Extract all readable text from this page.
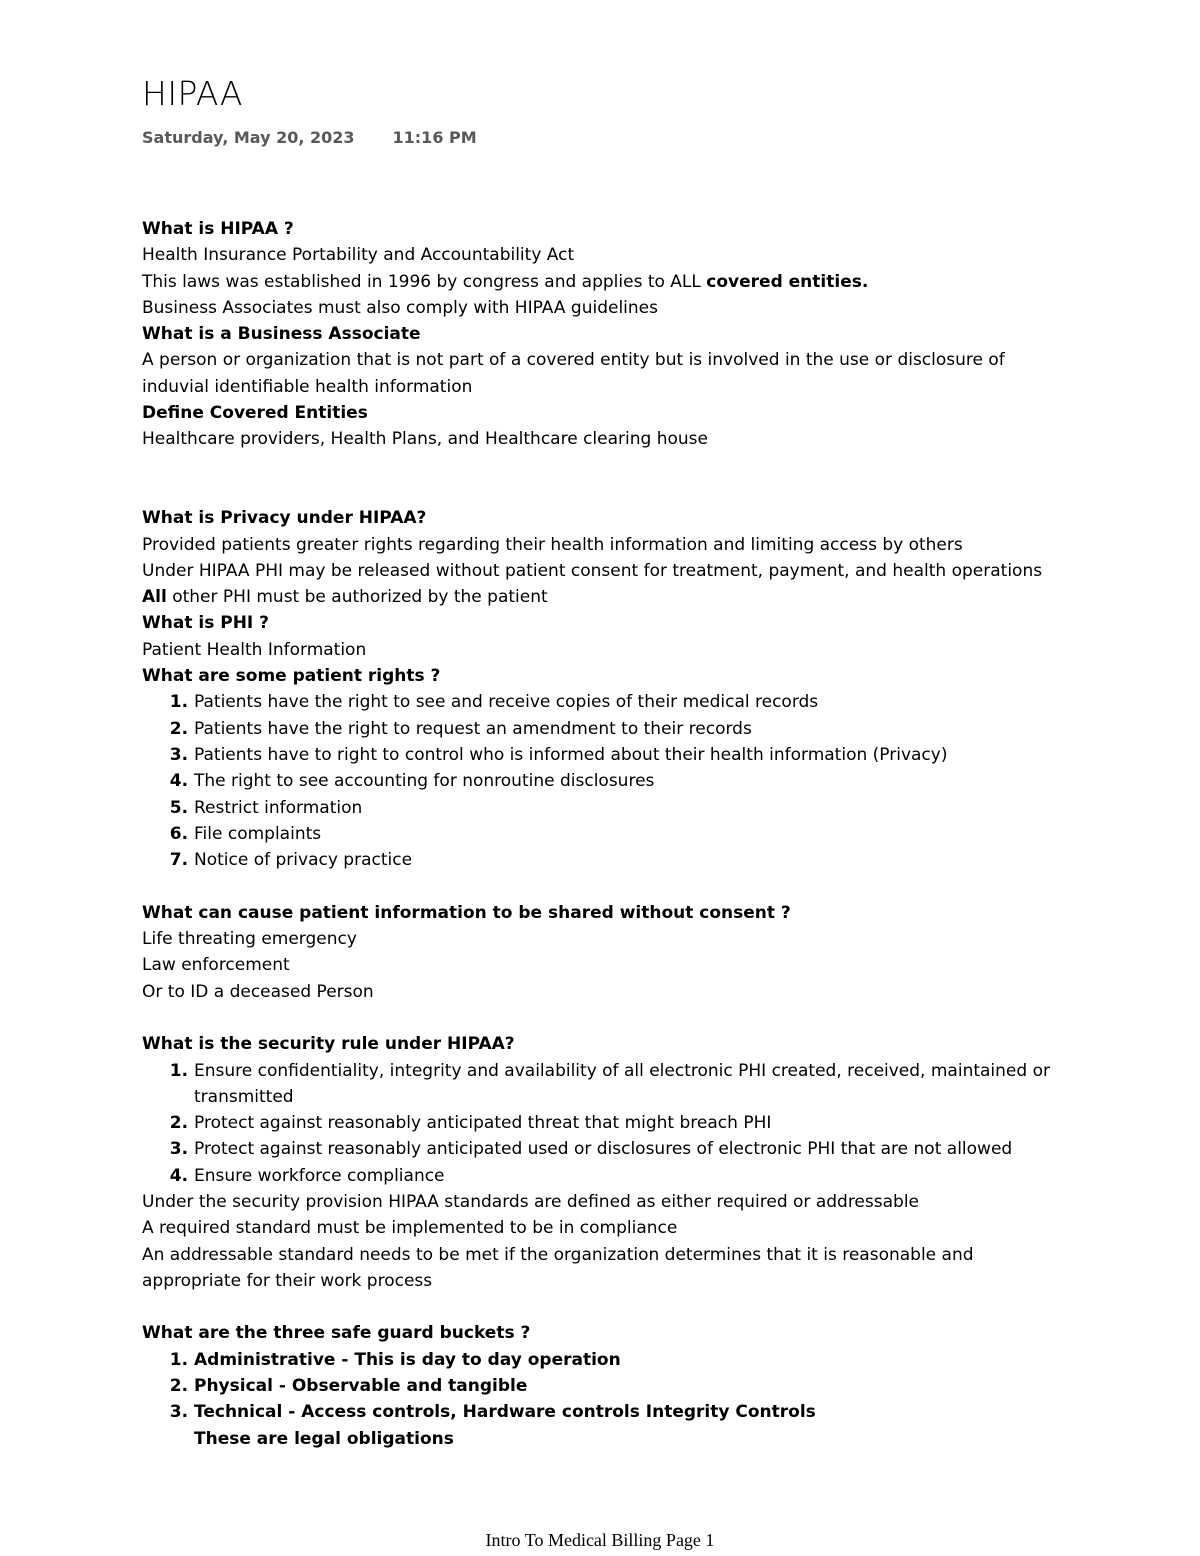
HIPAA
Saturday, May 20, 2023 11:16 PM

What is HIPAA ?

Health Insurance Portability and Accountability Act

This laws was established in 1996 by congress and applies to ALL covered entities.

Business Associates must also comply with HIPAA guidelines

What is a Business Associate

A person or organization that is not part of a covered entity but is involved in the use or disclosure of induvial identifiable health information

Define Covered Entities

Healthcare providers, Health Plans, and Healthcare clearing house

What is Privacy under HIPAA?

Provided patients greater rights regarding their health information and limiting access by others

Under HIPAA PHI may be released without patient consent for treatment, payment, and health operations

All other PHI must be authorized by the patient

What is PHI ?

Patient Health Information

What are some patient rights ?

1. Patients have the right to see and receive copies of their medical records
2. Patients have the right to request an amendment to their records
3. Patients have to right to control who is informed about their health information (Privacy)
4. The right to see accounting for nonroutine disclosures
5. Restrict information
6. File complaints
7. Notice of privacy practice

What can cause patient information to be shared without consent ?

Life threating emergency

Law enforcement

Or to ID a deceased Person

What is the security rule under HIPAA?

1. Ensure confidentiality, integrity and availability of all electronic PHI created, received, maintained or transmitted
2. Protect against reasonably anticipated threat that might breach PHI
3. Protect against reasonably anticipated used or disclosures of electronic PHI that are not allowed
4. Ensure workforce compliance

Under the security provision HIPAA standards are defined as either required or addressable

A required standard must be implemented to be in compliance

An addressable standard needs to be met if the organization determines that it is reasonable and appropriate for their work process

What are the three safe guard buckets ?

1. Administrative - This is day to day operation
2. Physical - Observable and tangible
3. Technical - Access controls, Hardware controls Integrity Controls
These are legal obligations
Intro To Medical Billing Page 1
